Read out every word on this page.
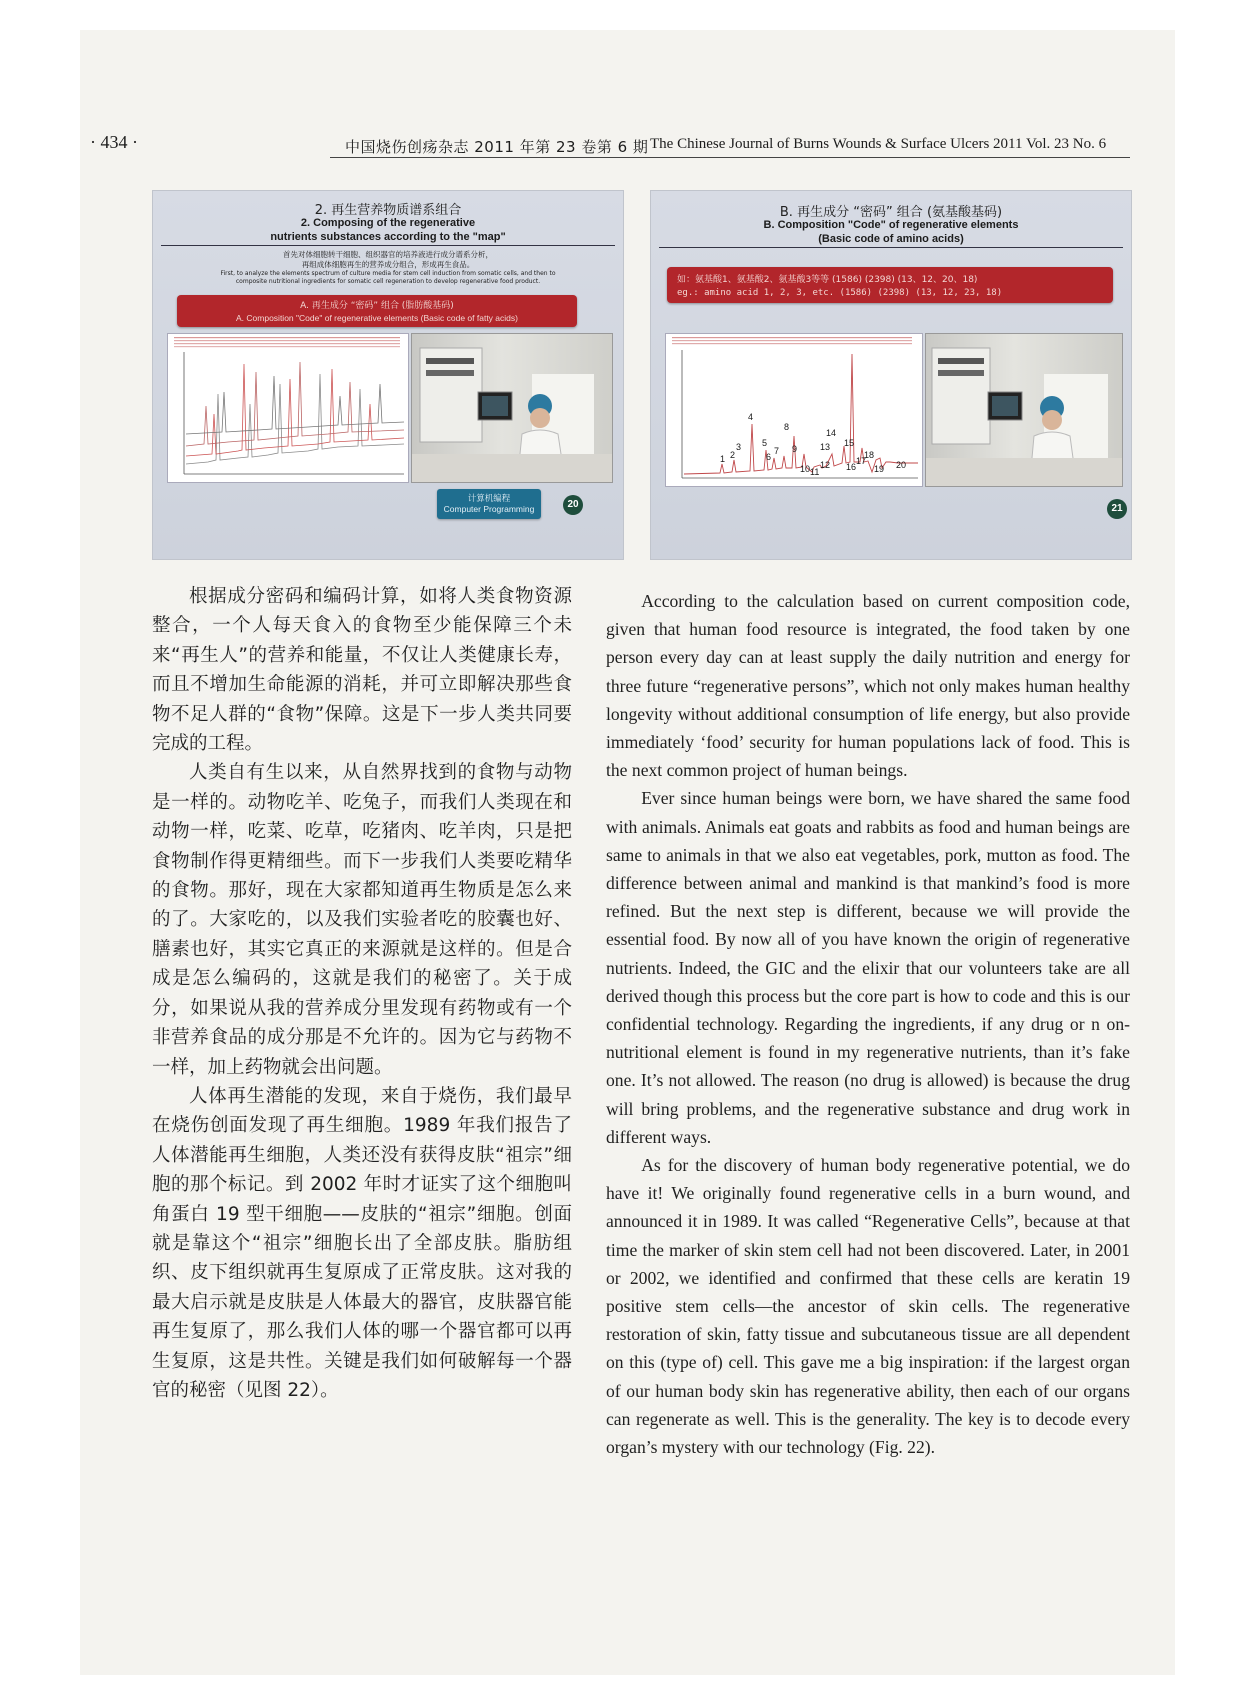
· 434 ·	中国烧伤创疡杂志 2011 年第 23 卷第 6 期 The Chinese Journal of Burns Wounds & Surface Ulcers 2011 Vol. 23 No. 6
2. 再生营养物质谱系组合
2. Composing of the regenerative
nutrients substances according to the "map"
首先对体细胞转干细胞、组织器官的培养液进行成分谱系分析，
再组成体细胞再生的营养成分组合，形成再生食品。
First, to analyze the elements spectrum of culture media for stem cell induction from somatic cells, and then to
composite nutritional ingredients for somatic cell regeneration to develop regenerative food product.
A. 再生成分 “密码” 组合 (脂肪酸基码)
A. Composition "Code" of regenerative elements (Basic code of fatty acids)
计算机编程
Computer Programming	20
B. 再生成分 “密码” 组合 (氨基酸基码)
B. Composition "Code" of regenerative elements
(Basic code of amino acids)
如：氨基酸1、氨基酸2、氨基酸3等等 (1586) (2398) (13、12、20、18)
eg.: amino acid 1, 2, 3, etc. (1586) (2398) (13, 12, 23, 18)
1 2
3
4
5
6
7
8
9
10 11
12
13
14
15
16
17
18
19 20
21

根据成分密码和编码计算，如将人类食物资源整合，一个人每天食入的食物至少能保障三个未来“再生人”的营养和能量，不仅让人类健康长寿，而且不增加生命能源的消耗，并可立即解决那些食物不足人群的“食物”保障。这是下一步人类共同要完成的工程。

人类自有生以来，从自然界找到的食物与动物是一样的。动物吃羊、吃兔子，而我们人类现在和动物一样，吃菜、吃草，吃猪肉、吃羊肉，只是把食物制作得更精细些。而下一步我们人类要吃精华的食物。那好，现在大家都知道再生物质是怎么来的了。大家吃的，以及我们实验者吃的胶囊也好、膳素也好，其实它真正的来源就是这样的。但是合成是怎么编码的，这就是我们的秘密了。关于成分，如果说从我的营养成分里发现有药物或有一个非营养食品的成分那是不允许的。因为它与药物不一样，加上药物就会出问题。

人体再生潜能的发现，来自于烧伤，我们最早在烧伤创面发现了再生细胞。1989 年我们报告了人体潜能再生细胞，人类还没有获得皮肤“祖宗”细胞的那个标记。到 2002 年时才证实了这个细胞叫角蛋白 19 型干细胞——皮肤的“祖宗”细胞。创面就是靠这个“祖宗”细胞长出了全部皮肤。脂肪组织、皮下组织就再生复原成了正常皮肤。这对我的最大启示就是皮肤是人体最大的器官，皮肤器官能再生复原了，那么我们人体的哪一个器官都可以再生复原，这是共性。关键是我们如何破解每一个器官的秘密（见图 22）。

According to the calculation based on current composition code, given that human food resource is integrated, the food taken by one person every day can at least supply the daily nutrition and energy for three future “regenerative persons”, which not only makes human healthy longevity without additional consumption of life energy, but also provide immediately ‘food’ security for human populations lack of food. This is the next common project of human beings.

Ever since human beings were born, we have shared the same food with animals. Animals eat goats and rabbits as food and human beings are same to animals in that we also eat vegetables, pork, mutton as food. The difference between animal and mankind is that mankind’s food is more refined. But the next step is different, because we will provide the essential food. By now all of you have known the origin of regenerative nutrients. Indeed, the GIC and the elixir that our volunteers take are all derived though this process but the core part is how to code and this is our confidential technology. Regarding the ingredients, if any drug or n on-nutritional element is found in my regenerative nutrients, than it’s fake one. It’s not allowed. The reason (no drug is allowed) is because the drug will bring problems, and the regenerative substance and drug work in different ways.

As for the discovery of human body regenerative potential, we do have it! We originally found regenerative cells in a burn wound, and announced it in 1989. It was called “Regenerative Cells”, because at that time the marker of skin stem cell had not been discovered. Later, in 2001 or 2002, we identified and confirmed that these cells are keratin 19 positive stem cells—the ancestor of skin cells. The regenerative restoration of skin, fatty tissue and subcutaneous tissue are all dependent on this (type of) cell. This gave me a big inspiration: if the largest organ of our human body skin has regenerative ability, then each of our organs can regenerate as well. This is the generality. The key is to decode every organ’s mystery with our technology (Fig. 22).
